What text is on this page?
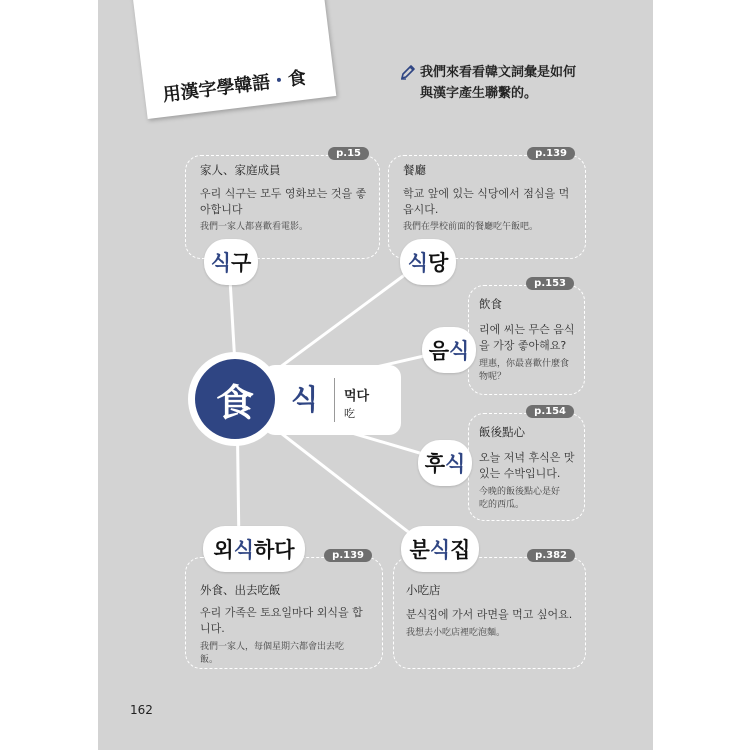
用漢字學韓語・食	我們來看看韓文詞彙是如何
與漢字產生聯繫的。
p.15
家人、家庭成員
우리 식구는 모두 영화보는 것을 좋
아합니다
我們一家人都喜歡看電影。
p.139
餐廳
학교 앞에 있는 식당에서 점심을 먹
읍시다.
我們在學校前面的餐廳吃午飯吧。
p.153
飲食
리에 씨는 무슨 음식
을 가장 좋아해요?
理惠，你最喜歡什麼食
物呢？
p.154
飯後點心
오늘 저녁 후식은 맛
있는 수박입니다.
今晚的飯後點心是好
吃的西瓜。
p.139
外食、出去吃飯
우리 가족은 토요일마다 외식을 합
니다.
我們一家人，每個星期六都會出去吃
飯。
p.382
小吃店
분식집에 가서 라면을 먹고 싶어요.
我想去小吃店裡吃泡麵。
식 구	식 당
음 식
후 식
외 식 하다	분 식 집
食	식 먹다
吃
162
